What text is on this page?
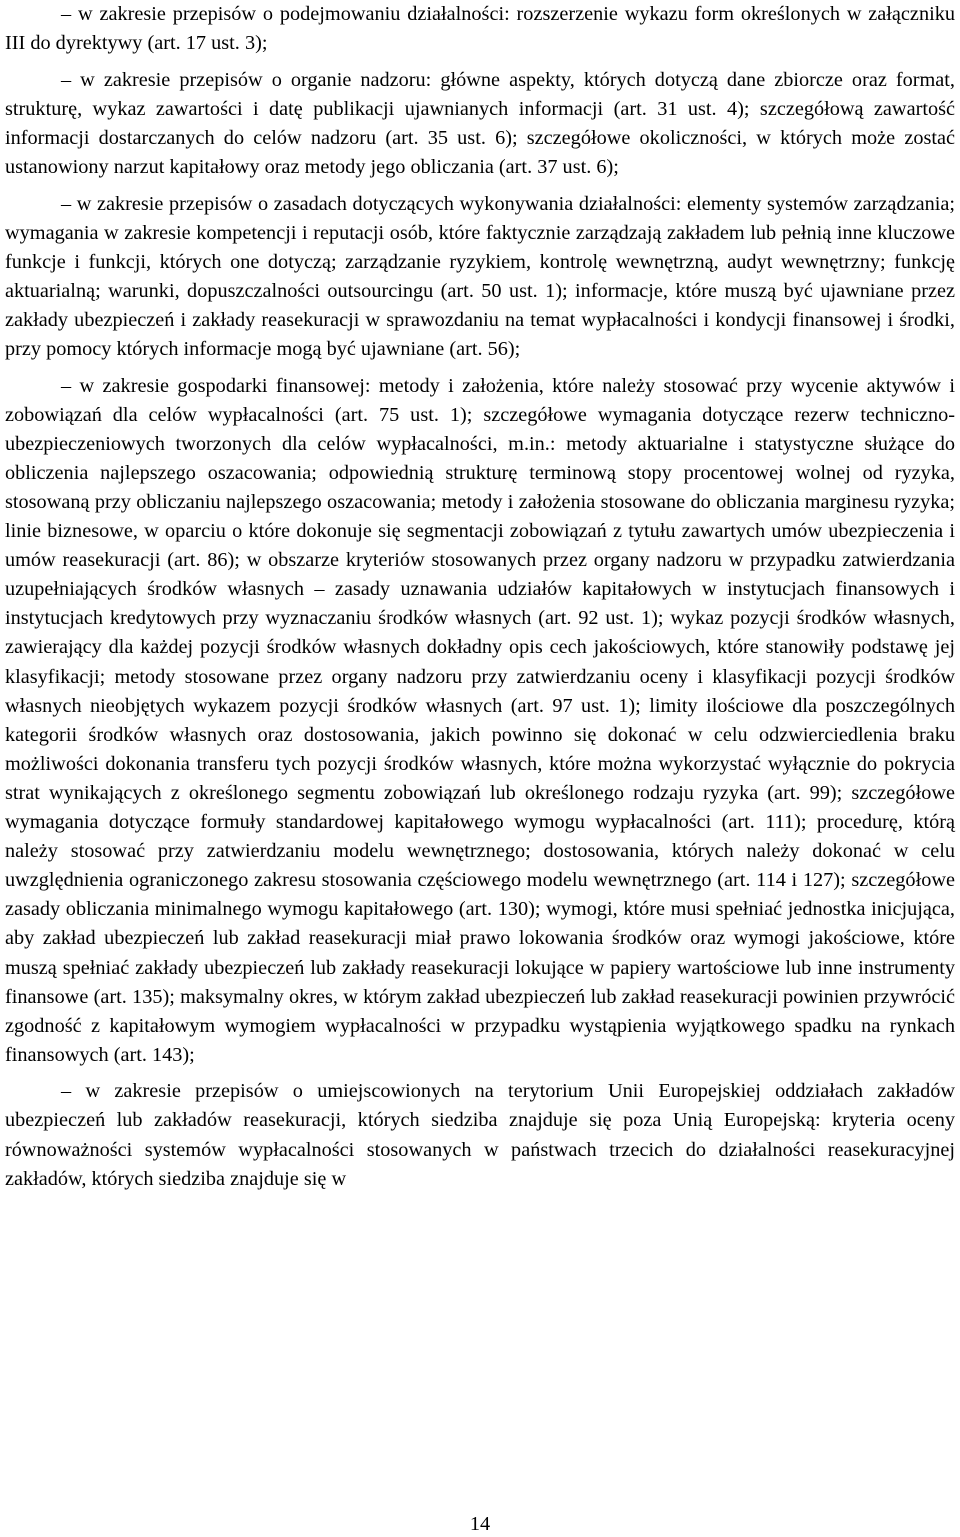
– w zakresie przepisów o podejmowaniu działalności: rozszerzenie wykazu form określonych w załączniku III do dyrektywy (art. 17 ust. 3);

– w zakresie przepisów o organie nadzoru: główne aspekty, których dotyczą dane zbiorcze oraz format, strukturę, wykaz zawartości i datę publikacji ujawnianych informacji (art. 31 ust. 4); szczegółową zawartość informacji dostarczanych do celów nadzoru (art. 35 ust. 6); szczegółowe okoliczności, w których może zostać ustanowiony narzut kapitałowy oraz metody jego obliczania (art. 37 ust. 6);

– w zakresie przepisów o zasadach dotyczących wykonywania działalności: elementy systemów zarządzania; wymagania w zakresie kompetencji i reputacji osób, które faktycznie zarządzają zakładem lub pełnią inne kluczowe funkcje i funkcji, których one dotyczą; zarządzanie ryzykiem, kontrolę wewnętrzną, audyt wewnętrzny; funkcję aktuarialną; warunki, dopuszczalności outsourcingu (art. 50 ust. 1); informacje, które muszą być ujawniane przez zakłady ubezpieczeń i zakłady reasekuracji w sprawozdaniu na temat wypłacalności i kondycji finansowej i środki, przy pomocy których informacje mogą być ujawniane (art. 56);

– w zakresie gospodarki finansowej: metody i założenia, które należy stosować przy wycenie aktywów i zobowiązań dla celów wypłacalności (art. 75 ust. 1); szczegółowe wymagania dotyczące rezerw techniczno-ubezpieczeniowych tworzonych dla celów wypłacalności, m.in.: metody aktuarialne i statystyczne służące do obliczenia najlepszego oszacowania; odpowiednią strukturę terminową stopy procentowej wolnej od ryzyka, stosowaną przy obliczaniu najlepszego oszacowania; metody i założenia stosowane do obliczania marginesu ryzyka; linie biznesowe, w oparciu o które dokonuje się segmentacji zobowiązań z tytułu zawartych umów ubezpieczenia i umów reasekuracji (art. 86); w obszarze kryteriów stosowanych przez organy nadzoru w przypadku zatwierdzania uzupełniających środków własnych – zasady uznawania udziałów kapitałowych w instytucjach finansowych i instytucjach kredytowych przy wyznaczaniu środków własnych (art. 92 ust. 1); wykaz pozycji środków własnych, zawierający dla każdej pozycji środków własnych dokładny opis cech jakościowych, które stanowiły podstawę jej klasyfikacji; metody stosowane przez organy nadzoru przy zatwierdzaniu oceny i klasyfikacji pozycji środków własnych nieobjętych wykazem pozycji środków własnych (art. 97 ust. 1); limity ilościowe dla poszczególnych kategorii środków własnych oraz dostosowania, jakich powinno się dokonać w celu odzwierciedlenia braku możliwości dokonania transferu tych pozycji środków własnych, które można wykorzystać wyłącznie do pokrycia strat wynikających z określonego segmentu zobowiązań lub określonego rodzaju ryzyka (art. 99); szczegółowe wymagania dotyczące formuły standardowej kapitałowego wymogu wypłacalności (art. 111); procedurę, którą należy stosować przy zatwierdzaniu modelu wewnętrznego; dostosowania, których należy dokonać w celu uwzględnienia ograniczonego zakresu stosowania częściowego modelu wewnętrznego (art. 114 i 127); szczegółowe zasady obliczania minimalnego wymogu kapitałowego (art. 130); wymogi, które musi spełniać jednostka inicjująca, aby zakład ubezpieczeń lub zakład reasekuracji miał prawo lokowania środków oraz wymogi jakościowe, które muszą spełniać zakłady ubezpieczeń lub zakłady reasekuracji lokujące w papiery wartościowe lub inne instrumenty finansowe (art. 135); maksymalny okres, w którym zakład ubezpieczeń lub zakład reasekuracji powinien przywrócić zgodność z kapitałowym wymogiem wypłacalności w przypadku wystąpienia wyjątkowego spadku na rynkach finansowych (art. 143);

– w zakresie przepisów o umiejscowionych na terytorium Unii Europejskiej oddziałach zakładów ubezpieczeń lub zakładów reasekuracji, których siedziba znajduje się poza Unią Europejską: kryteria oceny równoważności systemów wypłacalności stosowanych w państwach trzecich do działalności reasekuracyjnej zakładów, których siedziba znajduje się w

14
